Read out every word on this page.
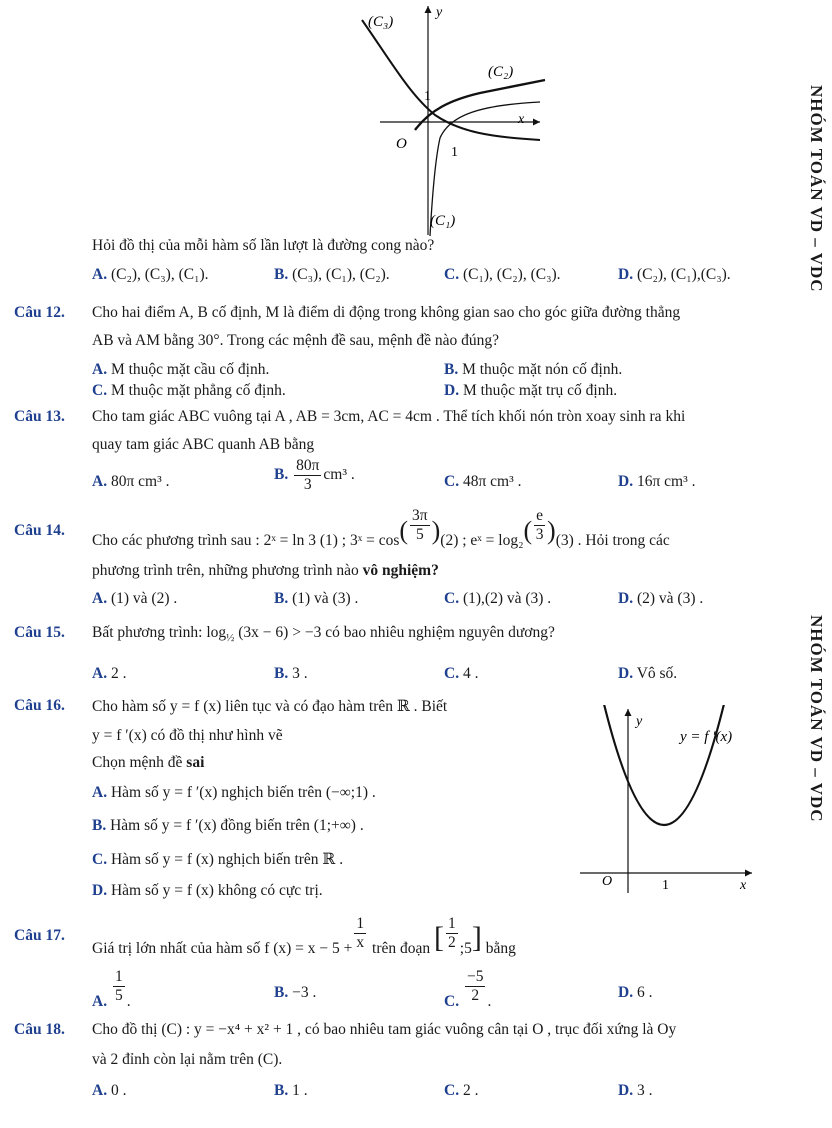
NHÓM TOÁN VD – VDC
NHÓM TOÁN VD – VDC
(C₃)
y
(C₂)
1
x
O
1
(C₁)
Hỏi đồ thị của mỗi hàm số lần lượt là đường cong nào?
A. (C₂), (C₃), (C₁).	B. (C₃), (C₁), (C₂).	C. (C₁), (C₂), (C₃).	D. (C₂), (C₁),(C₃).
Câu 12. Cho hai điểm A, B cố định, M là điểm di động trong không gian sao cho góc giữa đường thẳng
AB và AM bằng 30°. Trong các mệnh đề sau, mệnh đề nào đúng?
A. M thuộc mặt cầu cố định.	B. M thuộc mặt nón cố định.
C. M thuộc mặt phẳng cố định.	D. M thuộc mặt trụ cố định.
Câu 13. Cho tam giác ABC vuông tại A , AB = 3cm, AC = 4cm . Thể tích khối nón tròn xoay sinh ra khi
quay tam giác ABC quanh AB bằng
A. 80π cm³ .	B. $\frac{80\pi}{3} cm^3$ .	C. 48π cm³ .	D. 16π cm³ .
Câu 14.
Cho các phương trình sau : 2ˣ = ln 3 (1) ; 3ˣ = $\cos( \frac{3\pi}{5} )(2)$ ; eˣ = $\log_2( \frac{e}{3} )(3)$ . Hỏi trong các
phương trình trên, những phương trình nào vô nghiệm?
A. (1) và (2) .	B. (1) và (3) .	C. (1),(2) và (3) .	D. (2) và (3) .
Câu 15. Bất phương trình: $\log_{\frac{1}{2}} (3x - 6) > -3$ có bao nhiêu nghiệm nguyên dương?
A. 2 .	B. 3 .	C. 4 .	D. Vô số.
Câu 16. Cho hàm số y = f (x) liên tục và có đạo hàm trên ℝ . Biết
y = f ′(x) có đồ thị như hình vẽ
Chọn mệnh đề sai
A. Hàm số y = f ′(x) nghịch biến trên (−∞;1) .
B. Hàm số y = f ′(x) đồng biến trên (1;+∞) .
C. Hàm số y = f (x) nghịch biến trên ℝ .
D. Hàm số y = f (x) không có cực trị.
y
y = f ′(x)
O	1	x
Câu 17.
Giá trị lớn nhất của hàm số f $(x) = x - 5 + \frac{1}{x}$ trên đoạn [ $\frac{1}{2}$ ;5] bằng
A. $\frac{1}{5}$ .
B. −3 .
C. $\frac{-5}{2}$ .
D. 6 .
Câu 18. Cho đồ thị (C) : y = −x⁴ + x² + 1 , có bao nhiêu tam giác vuông cân tại O , trục đối xứng là Oy
và 2 đỉnh còn lại nằm trên (C).
A. 0 .	B. 1 .	C. 2 .	D. 3 .
